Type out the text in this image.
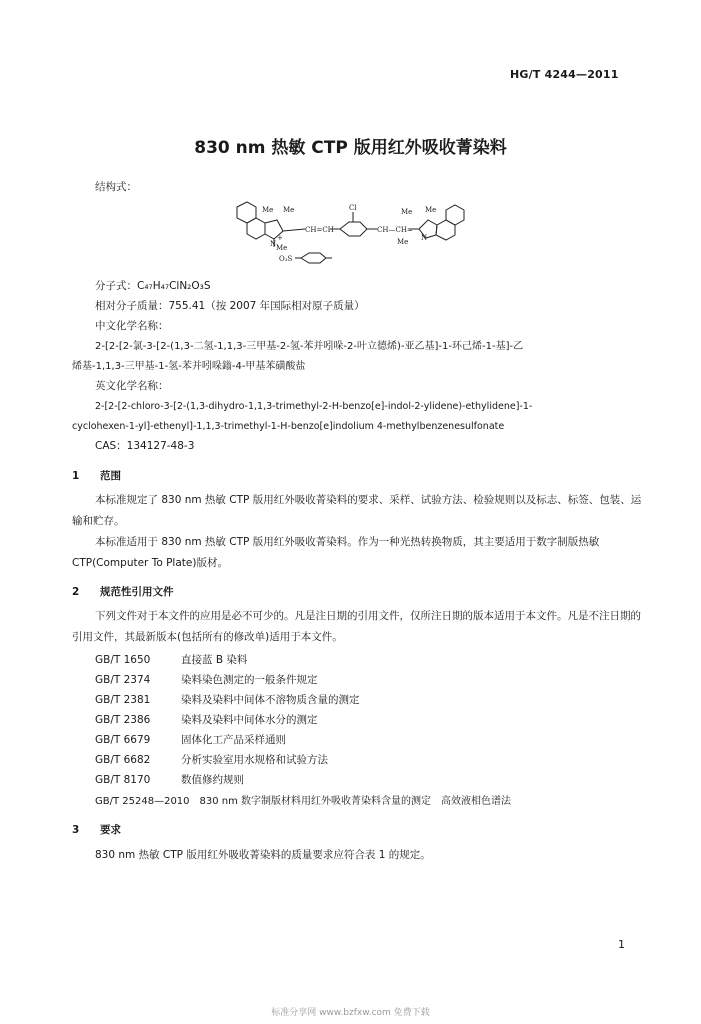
HG/T 4244—2011
830 nm 热敏 CTP 版用红外吸收菁染料
结构式：
Me Me
CH=CH
Cl
CH—CH=
Me Me
N Me
+	N
Me
O₃S
分子式：C₄₇H₄₇ClN₂O₃S
相对分子质量：755.41（按 2007 年国际相对原子质量）
中文化学名称：
2-[2-[2-氯-3-[2-(1,3-二氢-1,1,3-三甲基-2-氢-苯并吲哚-2-叶立德烯)-亚乙基]-1-环己烯-1-基]-乙
烯基-1,1,3-三甲基-1-氢-苯并吲哚鎓-4-甲基苯磺酸盐
英文化学名称：
2-[2-[2-chloro-3-[2-(1,3-dihydro-1,1,3-trimethyl-2-H-benzo[e]-indol-2-ylidene)-ethylidene]-1-
cyclohexen-1-yl]-ethenyl]-1,1,3-trimethyl-1-H-benzo[e]indolium 4-methylbenzenesulfonate
CAS：134127-48-3
1 范围
本标准规定了 830 nm 热敏 CTP 版用红外吸收菁染料的要求、采样、试验方法、检验规则以及标志、标签、包装、运输和贮存。
本标准适用于 830 nm 热敏 CTP 版用红外吸收菁染料。作为一种光热转换物质，其主要适用于数字制版热敏 CTP(Computer To Plate)版材。
2 规范性引用文件
下列文件对于本文件的应用是必不可少的。凡是注日期的引用文件，仅所注日期的版本适用于本文件。凡是不注日期的引用文件，其最新版本(包括所有的修改单)适用于本文件。
GB/T 1650	直接蓝 B 染料
GB/T 2374	染料染色测定的一般条件规定
GB/T 2381	染料及染料中间体不溶物质含量的测定
GB/T 2386	染料及染料中间体水分的测定
GB/T 6679	固体化工产品采样通则
GB/T 6682	分析实验室用水规格和试验方法
GB/T 8170	数值修约规则
GB/T 25248—2010　830 nm 数字制版材料用红外吸收菁染料含量的测定　高效液相色谱法
3 要求
830 nm 热敏 CTP 版用红外吸收菁染料的质量要求应符合表 1 的规定。
1
标准分享网 www.bzfxw.com 免费下载
